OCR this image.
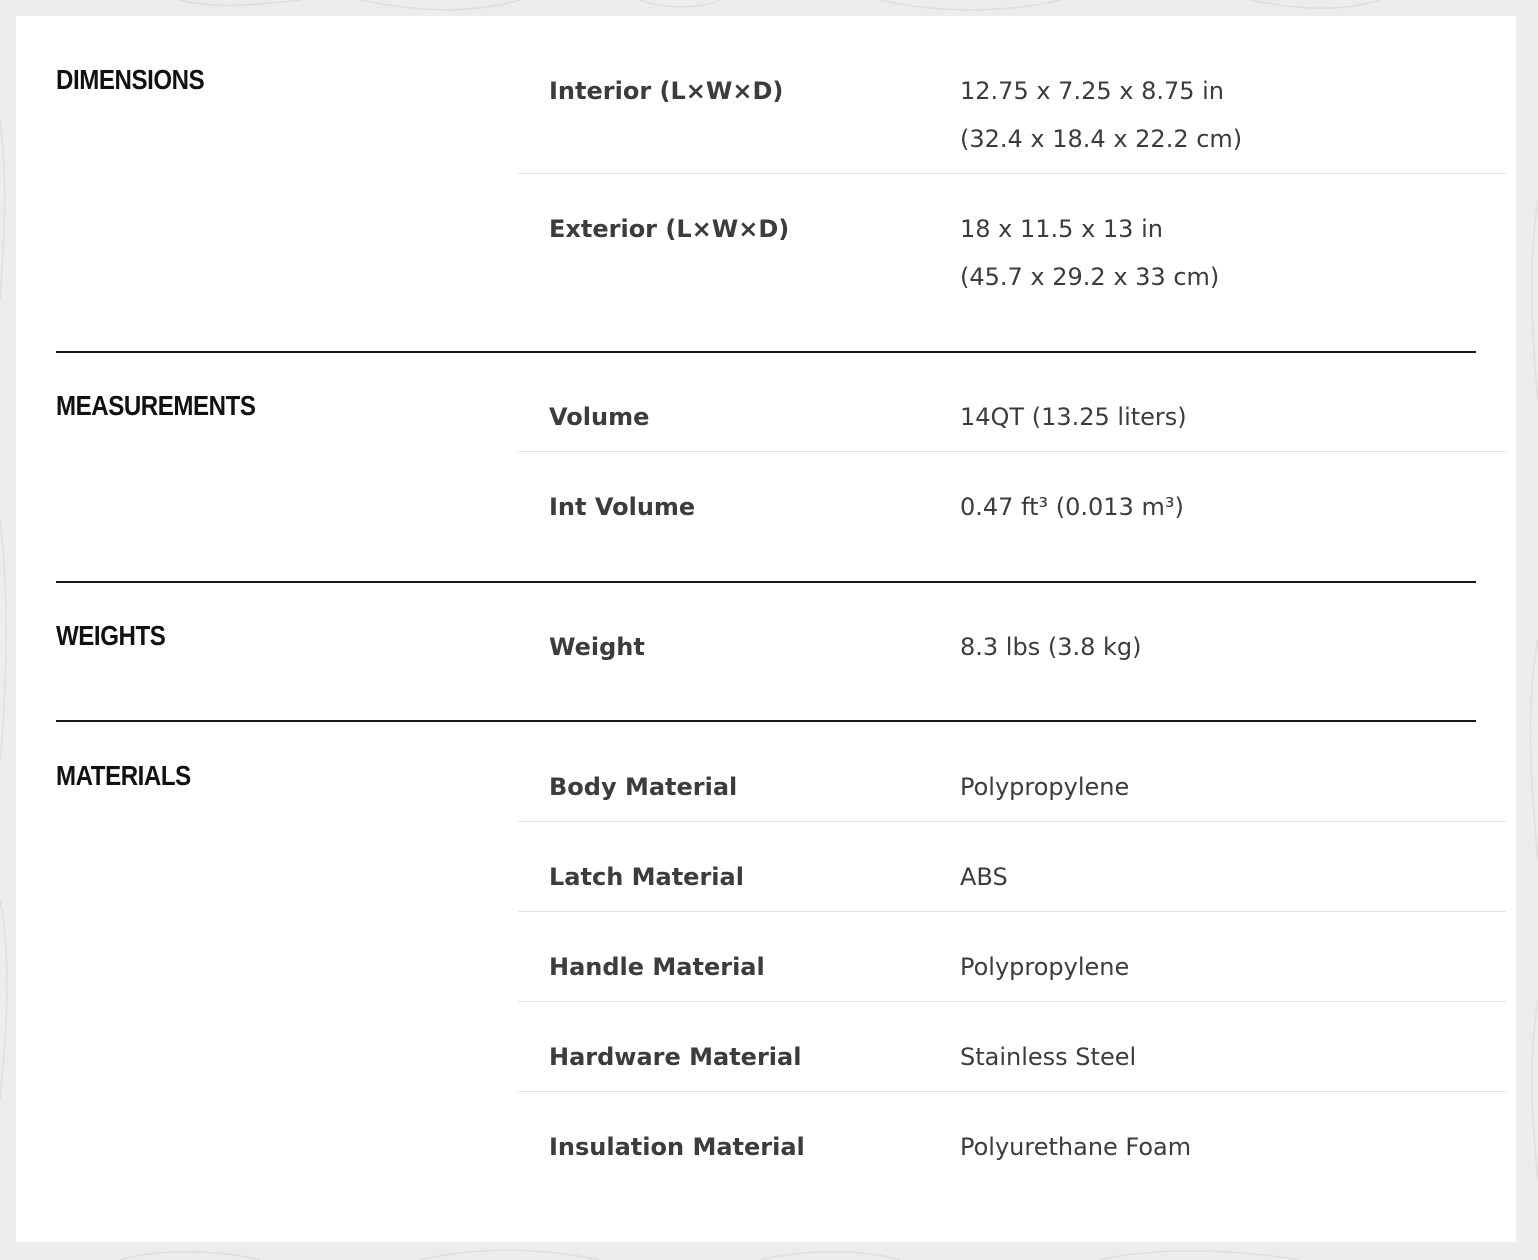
DIMENSIONS	Interior (L×W×D)	12.75 x 7.25 x 8.75 in
(32.4 x 18.4 x 22.2 cm)
Exterior (L×W×D)	18 x 11.5 x 13 in
(45.7 x 29.2 x 33 cm)
MEASUREMENTS	Volume	14QT (13.25 liters)
Int Volume	0.47 ft³ (0.013 m³)
WEIGHTS	Weight	8.3 lbs (3.8 kg)
MATERIALS	Body Material	Polypropylene
Latch Material	ABS
Handle Material	Polypropylene
Hardware Material	Stainless Steel
Insulation Material	Polyurethane Foam
